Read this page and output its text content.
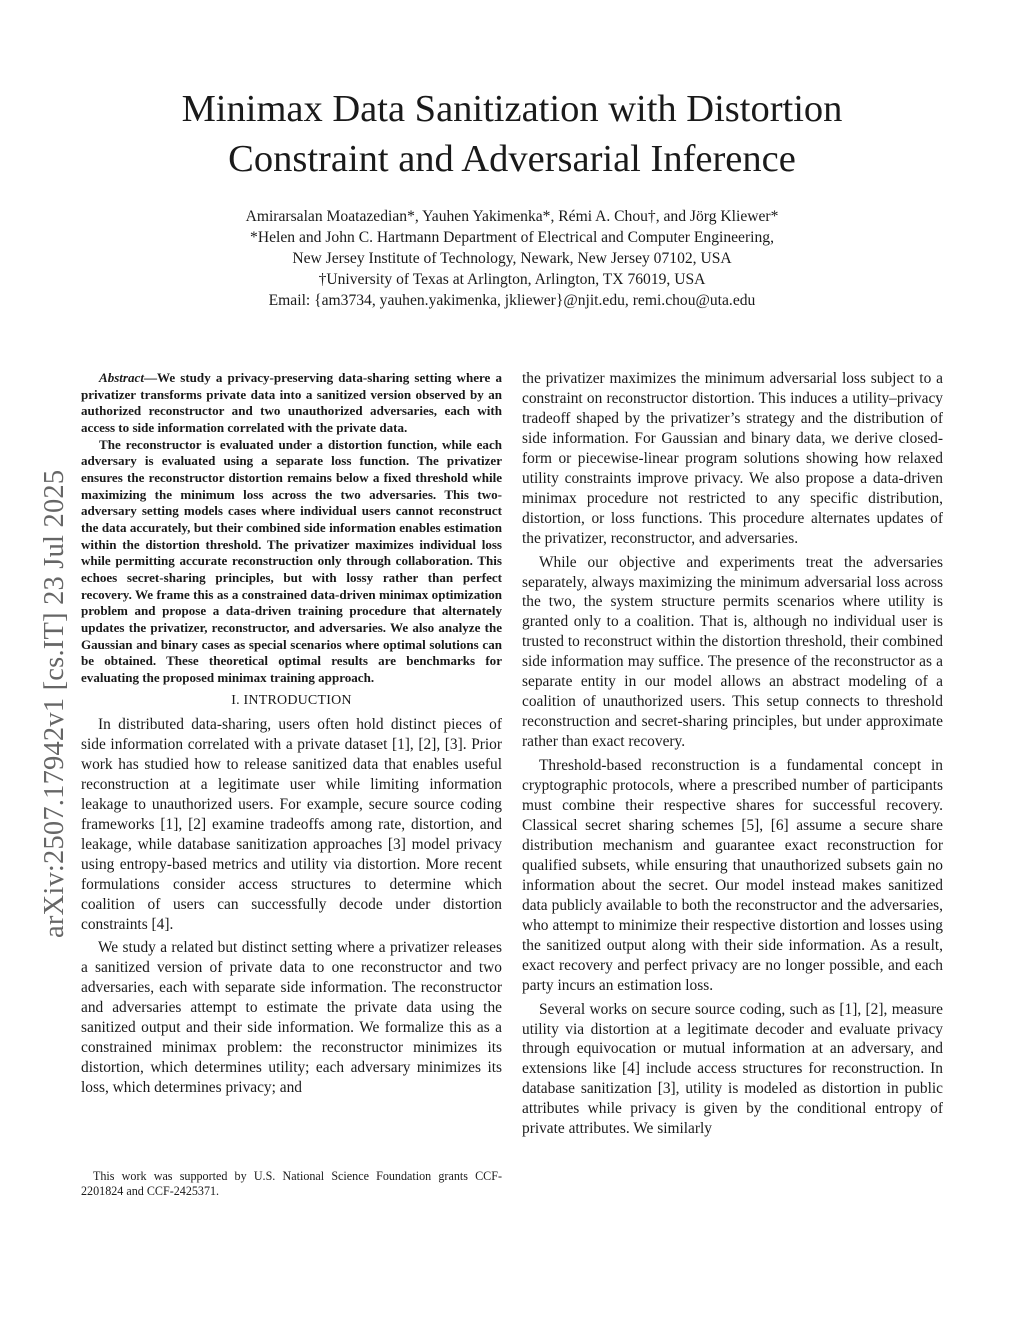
Minimax Data Sanitization with Distortion
Constraint and Adversarial Inference
Amirarsalan Moatazedian*, Yauhen Yakimenka*, Rémi A. Chou†, and Jörg Kliewer*
*Helen and John C. Hartmann Department of Electrical and Computer Engineering,
New Jersey Institute of Technology, Newark, New Jersey 07102, USA
†University of Texas at Arlington, Arlington, TX 76019, USA
Email: {am3734, yauhen.yakimenka, jkliewer}@njit.edu, remi.chou@uta.edu
arXiv:2507.17942v1 [cs.IT] 23 Jul 2025

Abstract—We study a privacy-preserving data-sharing setting where a privatizer transforms private data into a sanitized version observed by an authorized reconstructor and two unauthorized adversaries, each with access to side information correlated with the private data.

The reconstructor is evaluated under a distortion function, while each adversary is evaluated using a separate loss function. The privatizer ensures the reconstructor distortion remains below a fixed threshold while maximizing the minimum loss across the two adversaries. This two-adversary setting models cases where individual users cannot reconstruct the data accurately, but their combined side information enables estimation within the distortion threshold. The privatizer maximizes individual loss while permitting accurate reconstruction only through collaboration. This echoes secret-sharing principles, but with lossy rather than perfect recovery. We frame this as a constrained data-driven minimax optimization problem and propose a data-driven training procedure that alternately updates the privatizer, reconstructor, and adversaries. We also analyze the Gaussian and binary cases as special scenarios where optimal solutions can be obtained. These theoretical optimal results are benchmarks for evaluating the proposed minimax training approach.

I. INTRODUCTION

In distributed data-sharing, users often hold distinct pieces of side information correlated with a private dataset [1], [2], [3]. Prior work has studied how to release sanitized data that enables useful reconstruction at a legitimate user while limiting information leakage to unauthorized users. For example, secure source coding frameworks [1], [2] examine tradeoffs among rate, distortion, and leakage, while database sanitization approaches [3] model privacy using entropy-based metrics and utility via distortion. More recent formulations consider access structures to determine which coalition of users can successfully decode under distortion constraints [4].

We study a related but distinct setting where a privatizer releases a sanitized version of private data to one reconstructor and two adversaries, each with separate side information. The reconstructor and adversaries attempt to estimate the private data using the sanitized output and their side information. We formalize this as a constrained minimax problem: the reconstructor minimizes its distortion, which determines utility; each adversary minimizes its loss, which determines privacy; and

the privatizer maximizes the minimum adversarial loss subject to a constraint on reconstructor distortion. This induces a utility–privacy tradeoff shaped by the privatizer’s strategy and the distribution of side information. For Gaussian and binary data, we derive closed-form or piecewise-linear program solutions showing how relaxed utility constraints improve privacy. We also propose a data-driven minimax procedure not restricted to any specific distribution, distortion, or loss functions. This procedure alternates updates of the privatizer, reconstructor, and adversaries.

While our objective and experiments treat the adversaries separately, always maximizing the minimum adversarial loss across the two, the system structure permits scenarios where utility is granted only to a coalition. That is, although no individual user is trusted to reconstruct within the distortion threshold, their combined side information may suffice. The presence of the reconstructor as a separate entity in our model allows an abstract modeling of a coalition of unauthorized users. This setup connects to threshold reconstruction and secret-sharing principles, but under approximate rather than exact recovery.

Threshold-based reconstruction is a fundamental concept in cryptographic protocols, where a prescribed number of participants must combine their respective shares for successful recovery. Classical secret sharing schemes [5], [6] assume a secure share distribution mechanism and guarantee exact reconstruction for qualified subsets, while ensuring that unauthorized subsets gain no information about the secret. Our model instead makes sanitized data publicly available to both the reconstructor and the adversaries, who attempt to minimize their respective distortion and losses using the sanitized output along with their side information. As a result, exact recovery and perfect privacy are no longer possible, and each party incurs an estimation loss.

Several works on secure source coding, such as [1], [2], measure utility via distortion at a legitimate decoder and evaluate privacy through equivocation or mutual information at an adversary, and extensions like [4] include access structures for reconstruction. In database sanitization [3], utility is modeled as distortion in public attributes while privacy is given by the conditional entropy of private attributes. We similarly

This work was supported by U.S. National Science Foundation grants CCF-2201824 and CCF-2425371.
